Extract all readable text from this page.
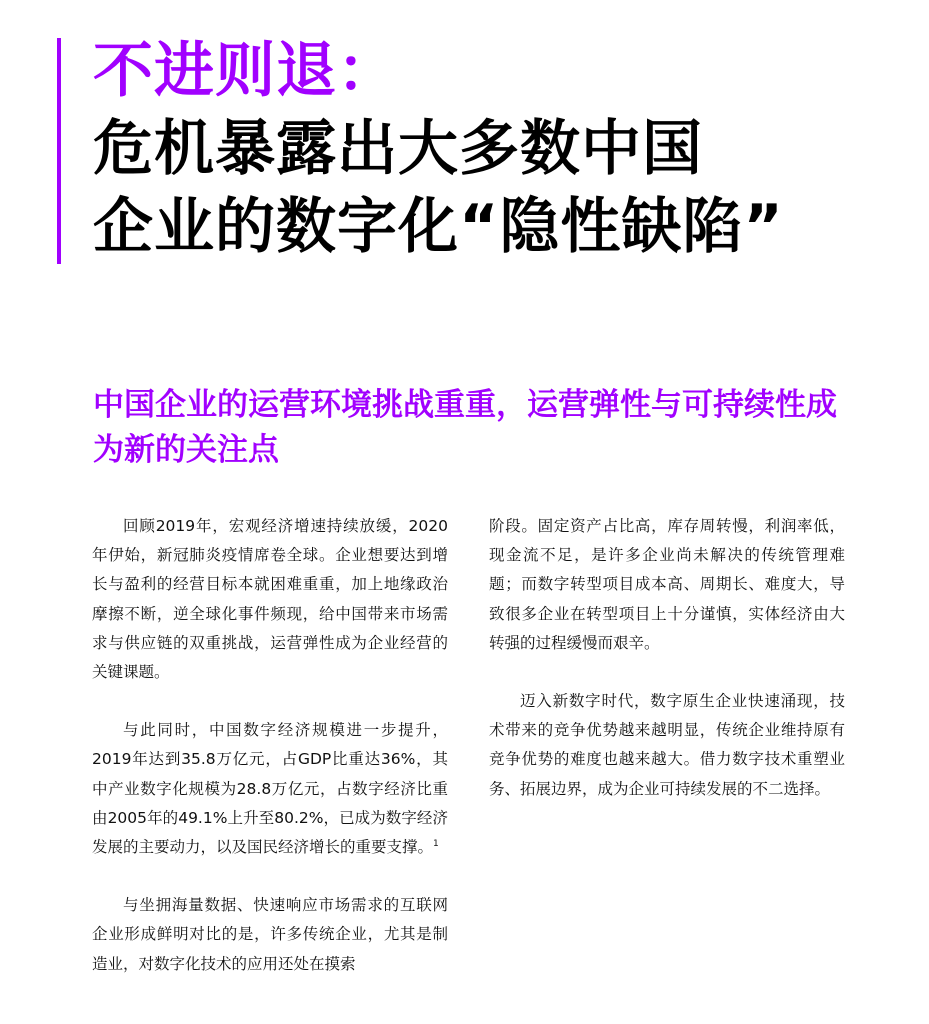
不进则退：
危机暴露出大多数中国
企业的数字化“隐性缺陷”
中国企业的运营环境挑战重重，运营弹性与可持续性成为新的关注点

回顾2019年，宏观经济增速持续放缓，2020年伊始，新冠肺炎疫情席卷全球。企业想要达到增长与盈利的经营目标本就困难重重，加上地缘政治摩擦不断，逆全球化事件频现，给中国带来市场需求与供应链的双重挑战，运营弹性成为企业经营的关键课题。

与此同时，中国数字经济规模进一步提升，2019年达到35.8万亿元，占GDP比重达36%，其中产业数字化规模为28.8万亿元，占数字经济比重由2005年的49.1%上升至80.2%，已成为数字经济发展的主要动力，以及国民经济增长的重要支撑。$^1$

与坐拥海量数据、快速响应市场需求的互联网企业形成鲜明对比的是，许多传统企业，尤其是制造业，对数字化技术的应用还处在摸索

阶段。固定资产占比高，库存周转慢，利润率低，现金流不足，是许多企业尚未解决的传统管理难题；而数字转型项目成本高、周期长、难度大，导致很多企业在转型项目上十分谨慎，实体经济由大转强的过程缓慢而艰辛。

迈入新数字时代，数字原生企业快速涌现，技术带来的竞争优势越来越明显，传统企业维持原有竞争优势的难度也越来越大。借力数字技术重塑业务、拓展边界，成为企业可持续发展的不二选择。
